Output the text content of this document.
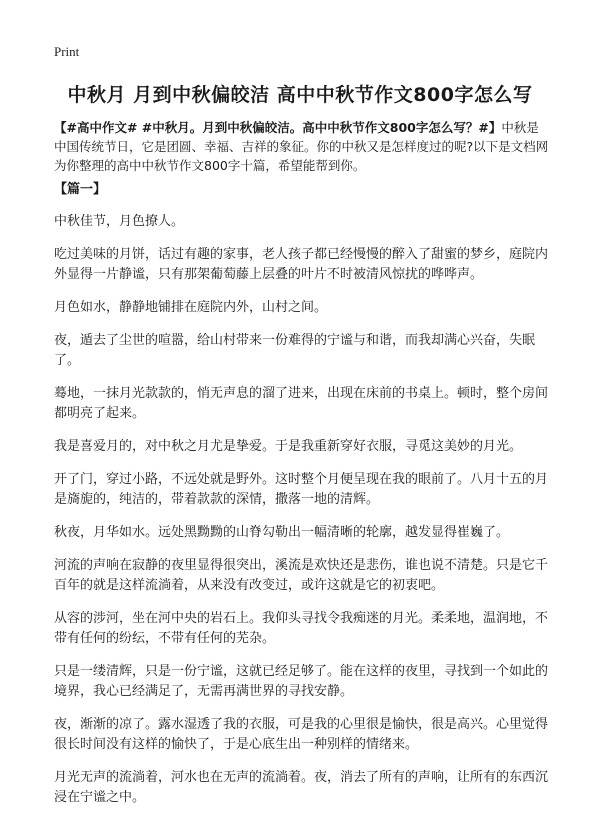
Print
中秋月 月到中秋偏皎洁 高中中秋节作文800字怎么写

【#高中作文# #中秋月。月到中秋偏皎洁。高中中秋节作文800字怎么写？#】中秋是中国传统节日，它是团圆、幸福、吉祥的象征。你的中秋又是怎样度过的呢?以下是文档网为你整理的高中中秋节作文800字十篇，希望能帮到你。

【篇一】

中秋佳节，月色撩人。

吃过美味的月饼，话过有趣的家事，老人孩子都已经慢慢的醉入了甜蜜的梦乡，庭院内外显得一片静谧，只有那架葡萄藤上层叠的叶片不时被清风惊扰的哗哗声。

月色如水，静静地铺排在庭院内外，山村之间。

夜，遁去了尘世的喧嚣，给山村带来一份难得的宁谧与和谐，而我却满心兴奋，失眠了。

蓦地，一抹月光款款的，悄无声息的溜了进来，出现在床前的书桌上。顿时，整个房间都明亮了起来。

我是喜爱月的，对中秋之月尤是挚爱。于是我重新穿好衣服，寻觅这美妙的月光。

开了门，穿过小路，不远处就是野外。这时整个月便呈现在我的眼前了。八月十五的月是旖旎的，纯洁的，带着款款的深情，撒落一地的清辉。

秋夜，月华如水。远处黑黝黝的山脊勾勒出一幅清晰的轮廓，越发显得崔巍了。

河流的声响在寂静的夜里显得很突出，溪流是欢快还是悲伤，谁也说不清楚。只是它千百年的就是这样流淌着，从来没有改变过，或许这就是它的初衷吧。

从容的涉河，坐在河中央的岩石上。我仰头寻找令我痴迷的月光。柔柔地，温润地，不带有任何的纷纭，不带有任何的芜杂。

只是一缕清辉，只是一份宁谧，这就已经足够了。能在这样的夜里，寻找到一个如此的境界，我心已经满足了，无需再满世界的寻找安静。

夜，渐渐的凉了。露水湿透了我的衣服，可是我的心里很是愉快，很是高兴。心里觉得很长时间没有这样的愉快了，于是心底生出一种别样的情绪来。

月光无声的流淌着，河水也在无声的流淌着。夜，消去了所有的声响，让所有的东西沉浸在宁谧之中。
